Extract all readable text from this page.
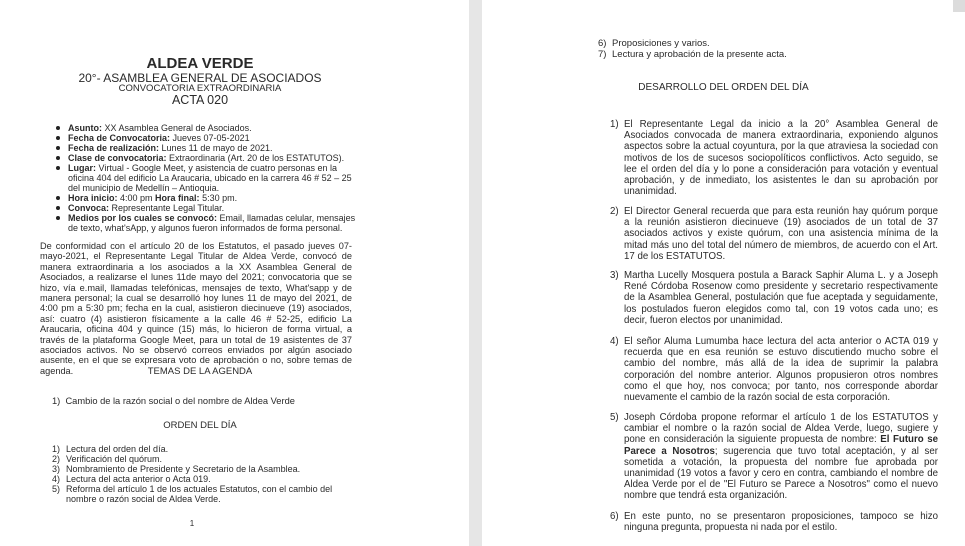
ALDEA VERDE
20°- ASAMBLEA GENERAL DE ASOCIADOS
CONVOCATORIA EXTRAORDINARIA
ACTA 020
Asunto: XX Asamblea General de Asociados.
Fecha de Convocatoria: Jueves 07-05-2021
Fecha de realización: Lunes 11 de mayo de 2021.
Clase de convocatoria: Extraordinaria (Art. 20 de los ESTATUTOS).
Lugar: Virtual - Google Meet, y asistencia de cuatro personas en la oficina 404 del edificio La Araucaria, ubicado en la carrera 46 # 52 – 25 del municipio de Medellín – Antioquia.
Hora inicio: 4:00 pm Hora final: 5:30 pm.
Convoca: Representante Legal Titular.
Medios por los cuales se convocó: Email, llamadas celular, mensajes de texto, what'sApp, y algunos fueron informados de forma personal.
De conformidad con el artículo 20 de los Estatutos, el pasado jueves 07-mayo-2021, el Representante Legal Titular de Aldea Verde, convocó de manera extraordinaria a los asociados a la XX Asamblea General de Asociados, a realizarse el lunes 11de mayo del 2021; convocatoria que se hizo, vía e.mail, llamadas telefónicas, mensajes de texto, What'sapp y de manera personal; la cual se desarrolló hoy lunes 11 de mayo del 2021, de 4:00 pm a 5:30 pm; fecha en la cual, asistieron diecinueve (19) asociados, así: cuatro (4) asistieron físicamente a la calle 46 # 52-25, edificio La Araucaria, oficina 404 y quince (15) más, lo hicieron de forma virtual, a través de la plataforma Google Meet, para un total de 19 asistentes de 37 asociados activos. No se observó correos enviados por algún asociado ausente, en el que se expresara voto de aprobación o no, sobre temas de agenda.	TEMAS DE LA AGENDA
1) Cambio de la razón social o del nombre de Aldea Verde
ORDEN DEL DÍA
1) Lectura del orden del día.
2) Verificación del quórum.
3) Nombramiento de Presidente y Secretario de la Asamblea.
4) Lectura del acta anterior o Acta 019.
5) Reforma del artículo 1 de los actuales Estatutos, con el cambio del nombre o razón social de Aldea Verde.
1
6) Proposiciones y varios.
7) Lectura y aprobación de la presente acta.
DESARROLLO DEL ORDEN DEL DÍA
1) El Representante Legal da inicio a la 20° Asamblea General de Asociados convocada de manera extraordinaria, exponiendo algunos aspectos sobre la actual coyuntura, por la que atraviesa la sociedad con motivos de los de sucesos sociopolíticos conflictivos. Acto seguido, se lee el orden del día y lo pone a consideración para votación y eventual aprobación, y de inmediato, los asistentes le dan su aprobación por unanimidad.
2) El Director General recuerda que para esta reunión hay quórum porque a la reunión asistieron diecinueve (19) asociados de un total de 37 asociados activos y existe quórum, con una asistencia mínima de la mitad más uno del total del número de miembros, de acuerdo con el Art. 17 de los ESTATUTOS.
3) Martha Lucelly Mosquera postula a Barack Saphir Aluma L. y a Joseph René Córdoba Rosenow como presidente y secretario respectivamente de la Asamblea General, postulación que fue aceptada y seguidamente, los postulados fueron elegidos como tal, con 19 votos cada uno; es decir, fueron electos por unanimidad.
4) El señor Aluma Lumumba hace lectura del acta anterior o ACTA 019 y recuerda que en esa reunión se estuvo discutiendo mucho sobre el cambio del nombre, más allá de la idea de suprimir la palabra corporación del nombre anterior. Algunos propusieron otros nombres como el que hoy, nos convoca; por tanto, nos corresponde abordar nuevamente el cambio de la razón social de esta corporación.
5) Joseph Córdoba propone reformar el artículo 1 de los ESTATUTOS y cambiar el nombre o la razón social de Aldea Verde, luego, sugiere y pone en consideración la siguiente propuesta de nombre: El Futuro se Parece a Nosotros; sugerencia que tuvo total aceptación, y al ser sometida a votación, la propuesta del nombre fue aprobada por unanimidad (19 votos a favor y cero en contra, cambiando el nombre de Aldea Verde por el de "El Futuro se Parece a Nosotros" como el nuevo nombre que tendrá esta organización.
6) En este punto, no se presentaron proposiciones, tampoco se hizo ninguna pregunta, propuesta ni nada por el estilo.
